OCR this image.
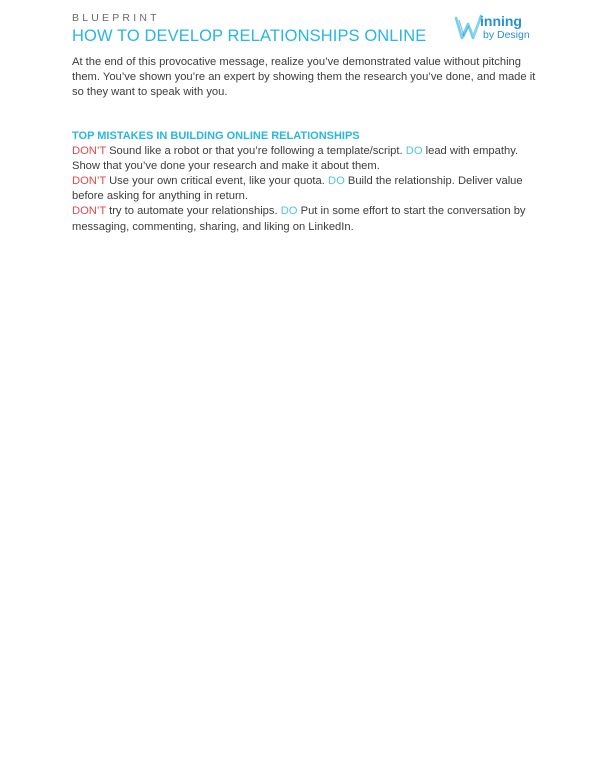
BLUEPRINT
HOW TO DEVELOP RELATIONSHIPS ONLINE
inning
by Design

At the end of this provocative message, realize you’ve demonstrated value without pitching them. You’ve shown you’re an expert by showing them the research you’ve done, and made it so they want to speak with you.

TOP MISTAKES IN BUILDING ONLINE RELATIONSHIPS

DON’T Sound like a robot or that you’re following a template/script. DO lead with empathy. Show that you’ve done your research and make it about them.

DON’T Use your own critical event, like your quota. DO Build the relationship. Deliver value before asking for anything in return.

DON’T try to automate your relationships. DO Put in some effort to start the conversation by messaging, commenting, sharing, and liking on LinkedIn.
